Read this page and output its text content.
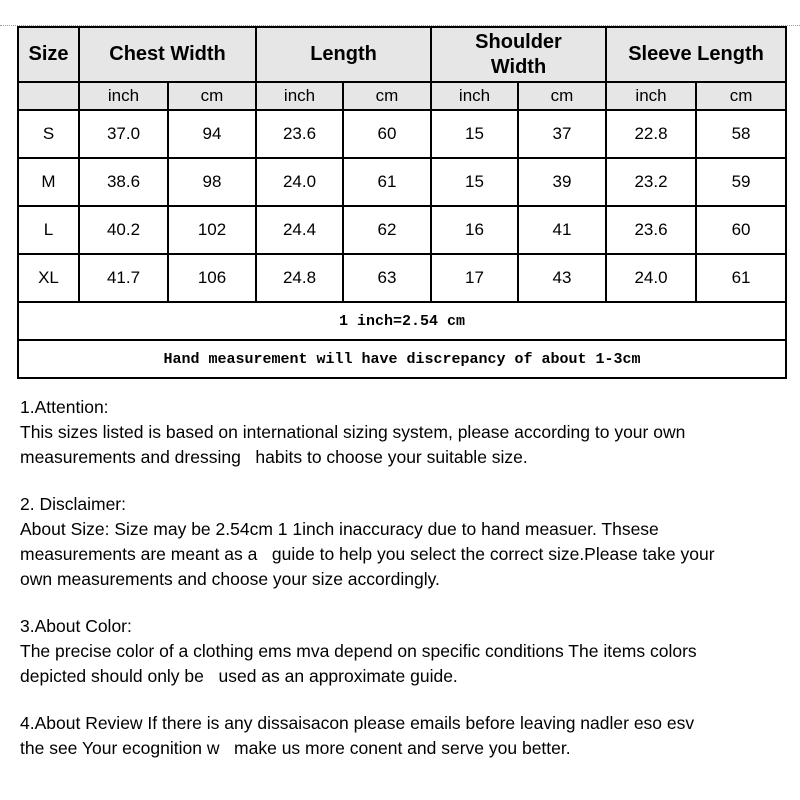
Size	Chest Width		Length		Shoulder Width		Sleeve Length	
	inch	cm	inch	cm	inch	cm	inch	cm
S	37.0	94	23.6	60	15	37	22.8	58
M	38.6	98	24.0	61	15	39	23.2	59
L	40.2	102	24.4	62	16	41	23.6	60
XL	41.7	106	24.8	63	17	43	24.0	61
1 inch=2.54 cm								
Hand measurement will have discrepancy of about 1-3cm								
1.Attention:
This sizes listed is based on international sizing system, please according to your own
measurements and dressing   habits to choose your suitable size.
2. Disclaimer:
About Size: Size may be 2.54cm 1 1inch inaccuracy due to hand measuer. Thsese
measurements are meant as a   guide to help you select the correct size.Please take your
own measurements and choose your size accordingly.
3.About Color:
The precise color of a clothing ems mva depend on specific conditions The items colors
depicted should only be   used as an approximate guide.
4.About Review If there is any dissaisacon please emails before leaving nadler eso esv
the see Your ecognition w   make us more conent and serve you better.
